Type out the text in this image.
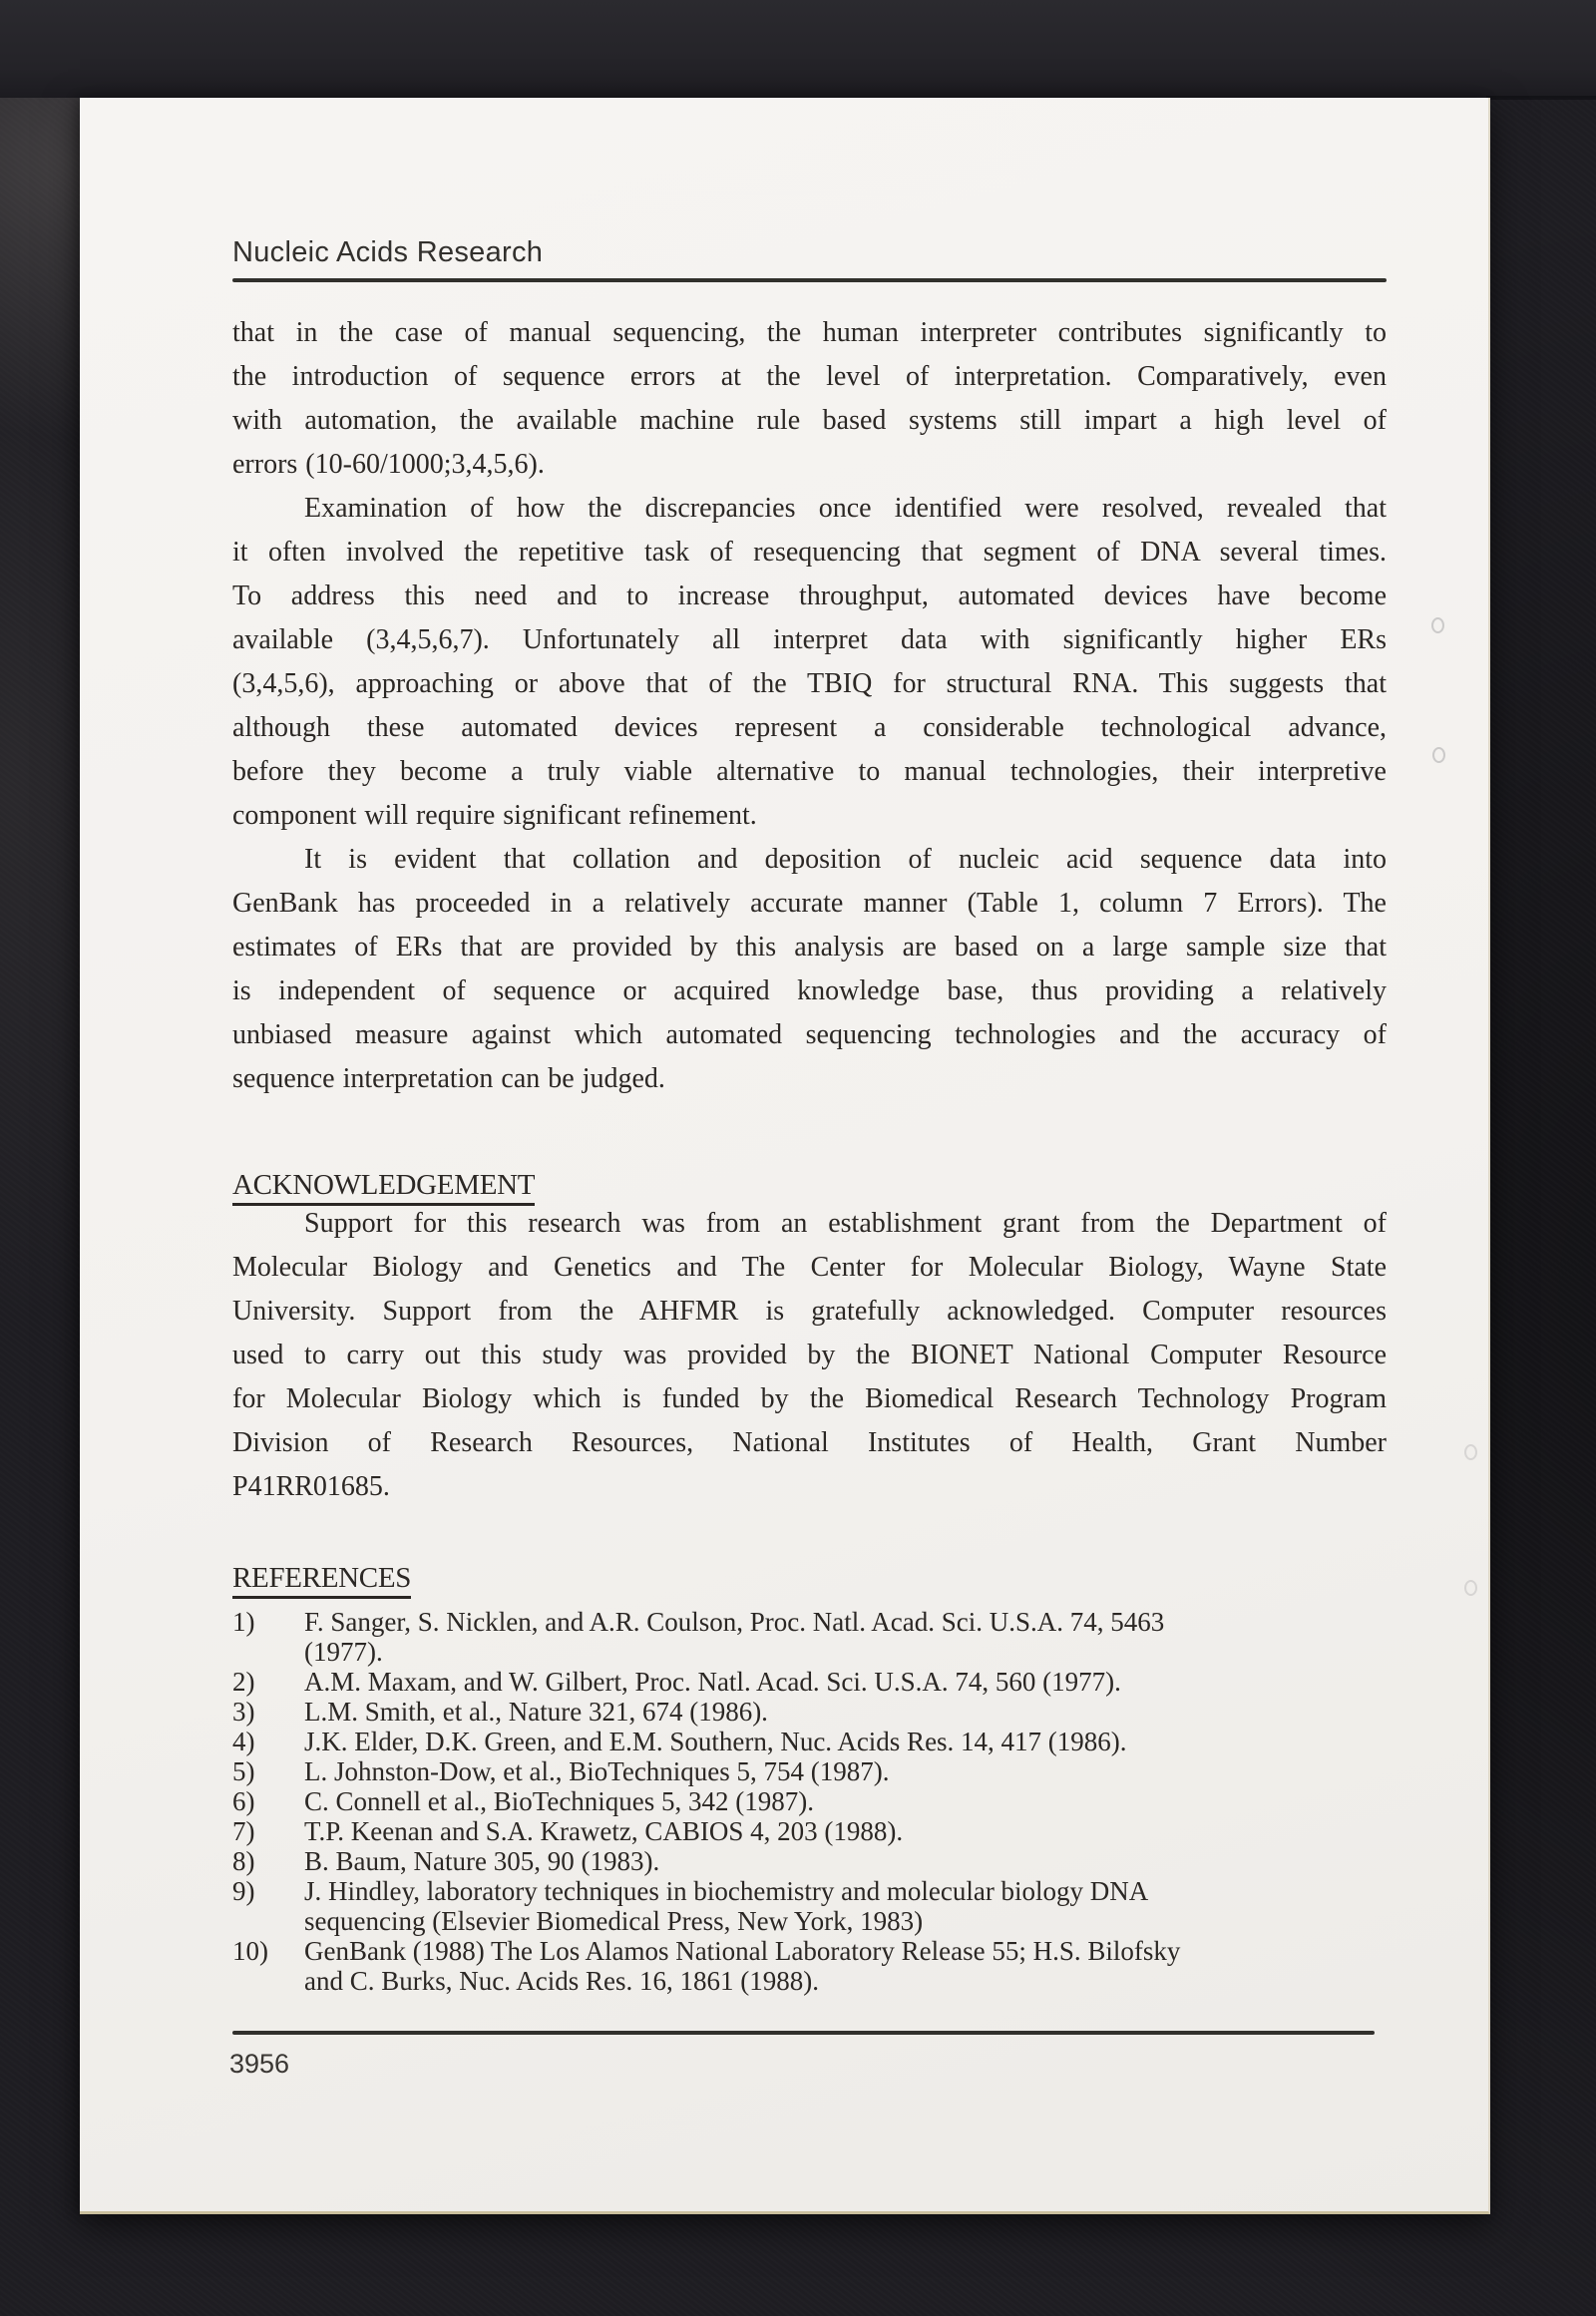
Nucleic Acids Research
that in the case of manual sequencing, the human interpreter contributes significantly to
the introduction of sequence errors at the level of interpretation. Comparatively, even
with automation, the available machine rule based systems still impart a high level of
errors (10-60/1000;3,4,5,6).
Examination of how the discrepancies once identified were resolved, revealed that
it often involved the repetitive task of resequencing that segment of DNA several times.
To address this need and to increase throughput, automated devices have become
available (3,4,5,6,7). Unfortunately all interpret data with significantly higher ERs
(3,4,5,6), approaching or above that of the TBIQ for structural RNA. This suggests that
although these automated devices represent a considerable technological advance,
before they become a truly viable alternative to manual technologies, their interpretive
component will require significant refinement.
It is evident that collation and deposition of nucleic acid sequence data into
GenBank has proceeded in a relatively accurate manner (Table 1, column 7 Errors). The
estimates of ERs that are provided by this analysis are based on a large sample size that
is independent of sequence or acquired knowledge base, thus providing a relatively
unbiased measure against which automated sequencing technologies and the accuracy of
sequence interpretation can be judged.
ACKNOWLEDGEMENT
Support for this research was from an establishment grant from the Department of
Molecular Biology and Genetics and The Center for Molecular Biology, Wayne State
University. Support from the AHFMR is gratefully acknowledged. Computer resources
used to carry out this study was provided by the BIONET National Computer Resource
for Molecular Biology which is funded by the Biomedical Research Technology Program
Division of Research Resources, National Institutes of Health, Grant Number
P41RR01685.
REFERENCES
1) F. Sanger, S. Nicklen, and A.R. Coulson, Proc. Natl. Acad. Sci. U.S.A. 74, 5463
(1977).
2) A.M. Maxam, and W. Gilbert, Proc. Natl. Acad. Sci. U.S.A. 74, 560 (1977).
3) L.M. Smith, et al., Nature 321, 674 (1986).
4) J.K. Elder, D.K. Green, and E.M. Southern, Nuc. Acids Res. 14, 417 (1986).
5) L. Johnston-Dow, et al., BioTechniques 5, 754 (1987).
6) C. Connell et al., BioTechniques 5, 342 (1987).
7) T.P. Keenan and S.A. Krawetz, CABIOS 4, 203 (1988).
8) B. Baum, Nature 305, 90 (1983).
9) J. Hindley, laboratory techniques in biochemistry and molecular biology DNA
sequencing (Elsevier Biomedical Press, New York, 1983)
10) GenBank (1988) The Los Alamos National Laboratory Release 55; H.S. Bilofsky
and C. Burks, Nuc. Acids Res. 16, 1861 (1988).
3956
